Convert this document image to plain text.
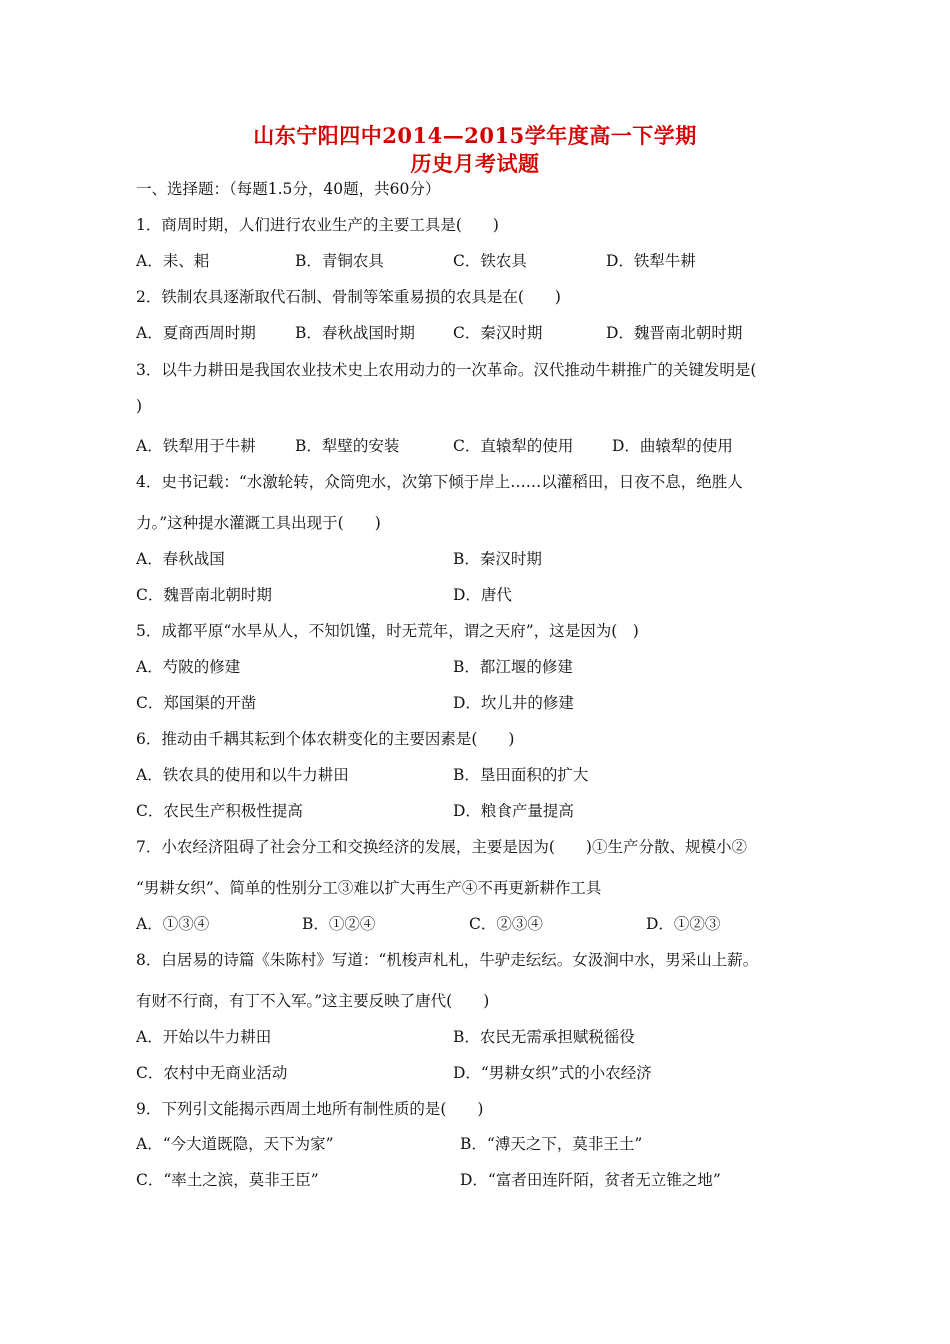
山东宁阳四中2014—2015学年度高一下学期
历史月考试题
一、选择题：（每题1.5分，40题，共60分）
1．商周时期，人们进行农业生产的主要工具是(　　)
A．耒、耜	B．青铜农具	C．铁农具	D．铁犁牛耕
2．铁制农具逐渐取代石制、骨制等笨重易损的农具是在(　　)
A．夏商西周时期	B．春秋战国时期 C．秦汉时期	D．魏晋南北朝时期
3．以牛力耕田是我国农业技术史上农用动力的一次革命。汉代推动牛耕推广的关键发明是(
)
A．铁犁用于牛耕	B．犁壁的安装	C．直辕犁的使用 D．曲辕犁的使用
4．史书记载：“水激轮转，众筒兜水，次第下倾于岸上……以灌稻田，日夜不息，绝胜人
力。”这种提水灌溉工具出现于(　　)
A．春秋战国	B．秦汉时期
C．魏晋南北朝时期	D．唐代
5．成都平原“水旱从人，不知饥馑，时无荒年，谓之天府”，这是因为(　)
A．芍陂的修建	B．都江堰的修建
C．郑国渠的开凿	D．坎儿井的修建
6．推动由千耦其耘到个体农耕变化的主要因素是(　　)
A．铁农具的使用和以牛力耕田	B．垦田面积的扩大
C．农民生产积极性提高	D．粮食产量提高
7．小农经济阻碍了社会分工和交换经济的发展，主要是因为(　　)①生产分散、规模小②
“男耕女织”、简单的性别分工③难以扩大再生产④不再更新耕作工具
A．①③④	B．①②④	C．②③④	D．①②③
8．白居易的诗篇《朱陈村》写道：“机梭声札札，牛驴走纭纭。女汲涧中水，男采山上薪。
有财不行商，有丁不入军。”这主要反映了唐代(　　)
A．开始以牛力耕田	B．农民无需承担赋税徭役
C．农村中无商业活动	D．“男耕女织”式的小农经济
9．下列引文能揭示西周土地所有制性质的是(　　)
A．“今大道既隐，天下为家”	B．“溥天之下，莫非王土”
C．“率土之滨，莫非王臣”	D．“富者田连阡陌，贫者无立锥之地”
